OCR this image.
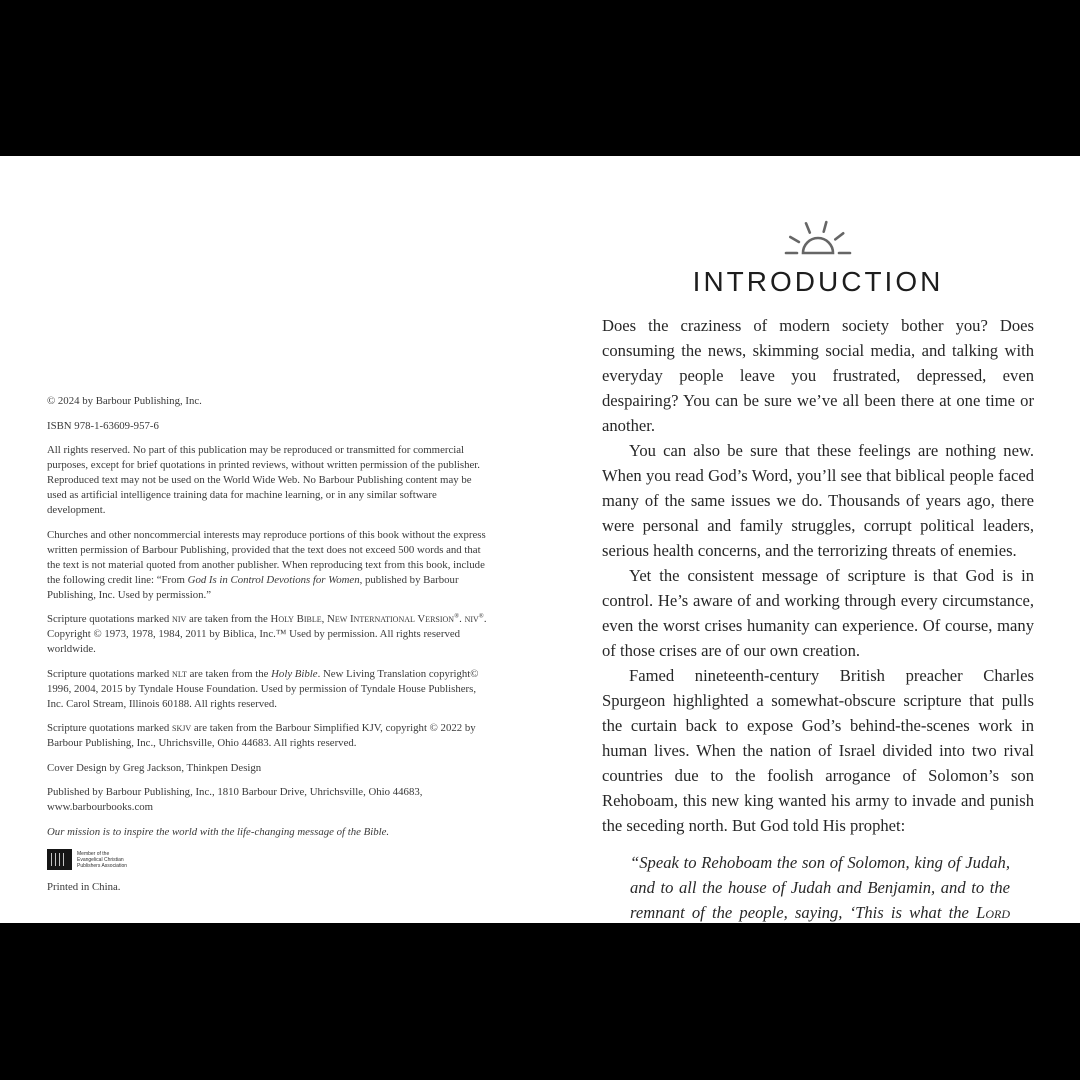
© 2024 by Barbour Publishing, Inc.

ISBN 978-1-63609-957-6

All rights reserved. No part of this publication may be reproduced or transmitted for commercial purposes, except for brief quotations in printed reviews, without written permission of the publisher. Reproduced text may not be used on the World Wide Web. No Barbour Publishing content may be used as artificial intelligence training data for machine learning, or in any similar software development.

Churches and other noncommercial interests may reproduce portions of this book without the express written permission of Barbour Publishing, provided that the text does not exceed 500 words and that the text is not material quoted from another publisher. When reproducing text from this book, include the following credit line: “From God Is in Control Devotions for Women, published by Barbour Publishing, Inc. Used by permission.”

Scripture quotations marked niv are taken from the Holy Bible, New International Version®. niv®. Copyright © 1973, 1978, 1984, 2011 by Biblica, Inc.™ Used by permission. All rights reserved worldwide.

Scripture quotations marked nlt are taken from the Holy Bible. New Living Translation copyright© 1996, 2004, 2015 by Tyndale House Foundation. Used by permission of Tyndale House Publishers, Inc. Carol Stream, Illinois 60188. All rights reserved.

Scripture quotations marked skjv are taken from the Barbour Simplified KJV, copyright © 2022 by Barbour Publishing, Inc., Uhrichsville, Ohio 44683. All rights reserved.

Cover Design by Greg Jackson, Thinkpen Design

Published by Barbour Publishing, Inc., 1810 Barbour Drive, Uhrichsville, Ohio 44683, www.barbourbooks.com

Our mission is to inspire the world with the life-changing message of the Bible.

Member of the
Evangelical Christian
Publishers Association

Printed in China.

INTRODUCTION

Does the craziness of modern society bother you? Does consuming the news, skimming social media, and talking with everyday people leave you frustrated, depressed, even despairing? You can be sure we’ve all been there at one time or another.

You can also be sure that these feelings are nothing new. When you read God’s Word, you’ll see that biblical people faced many of the same issues we do. Thousands of years ago, there were personal and family struggles, corrupt political leaders, serious health concerns, and the terrorizing threats of enemies.

Yet the consistent message of scripture is that God is in control. He’s aware of and working through every circumstance, even the worst crises humanity can experience. Of course, many of those crises are of our own creation.

Famed nineteenth-century British preacher Charles Spurgeon highlighted a somewhat-obscure scripture that pulls the curtain back to expose God’s behind-the-scenes work in human lives. When the nation of Israel divided into two rival countries due to the foolish arrogance of Solomon’s son Rehoboam, this new king wanted his army to invade and punish the seceding north. But God told His prophet:

“Speak to Rehoboam the son of Solomon, king of Judah, and to all the house of Judah and Benjamin, and to the remnant of the people, saying, ‘This is what the Lord
